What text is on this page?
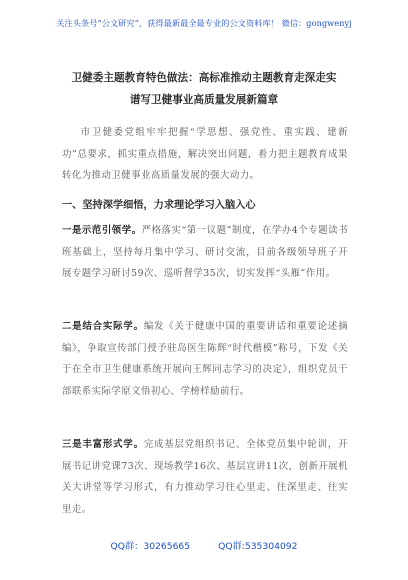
关注头条号“公文研究”，获得最新最全最专业的公文资料库！ 微信：gongwenyj
卫健委主题教育特色做法：高标准推动主题教育走深走实
谱写卫健事业高质量发展新篇章
市卫健委党组牢牢把握“学思想、强党性、重实践、建新功”总要求，抓实重点措施，解决突出问题，着力把主题教育成果转化为推动卫健事业高质量发展的强大动力。
一、坚持深学细悟，力求理论学习入脑入心
一是示范引领学。严格落实“第一议题”制度，在学办4个专题读书班基础上，坚持每月集中学习、研讨交流，目前各级领导班子开展专题学习研讨59次、巡听督学35次，切实发挥“头雁”作用。
二是结合实际学。编发《关于健康中国的重要讲话和重要论述摘编》，争取宣传部门授予驻岛医生陈辉“时代楷模”称号，下发《关于在全市卫生健康系统开展向王辉同志学习的决定》，组织党员干部联系实际学原文悟初心、学榜样励前行。
三是丰富形式学。完成基层党组织书记、全体党员集中轮训，开展书记讲党课73次、现场教学16次、基层宣讲11次，创新开展机关大讲堂等学习形式，有力推动学习往心里走、往深里走、往实里走。
QQ群：30265665	QQ群:535304092
